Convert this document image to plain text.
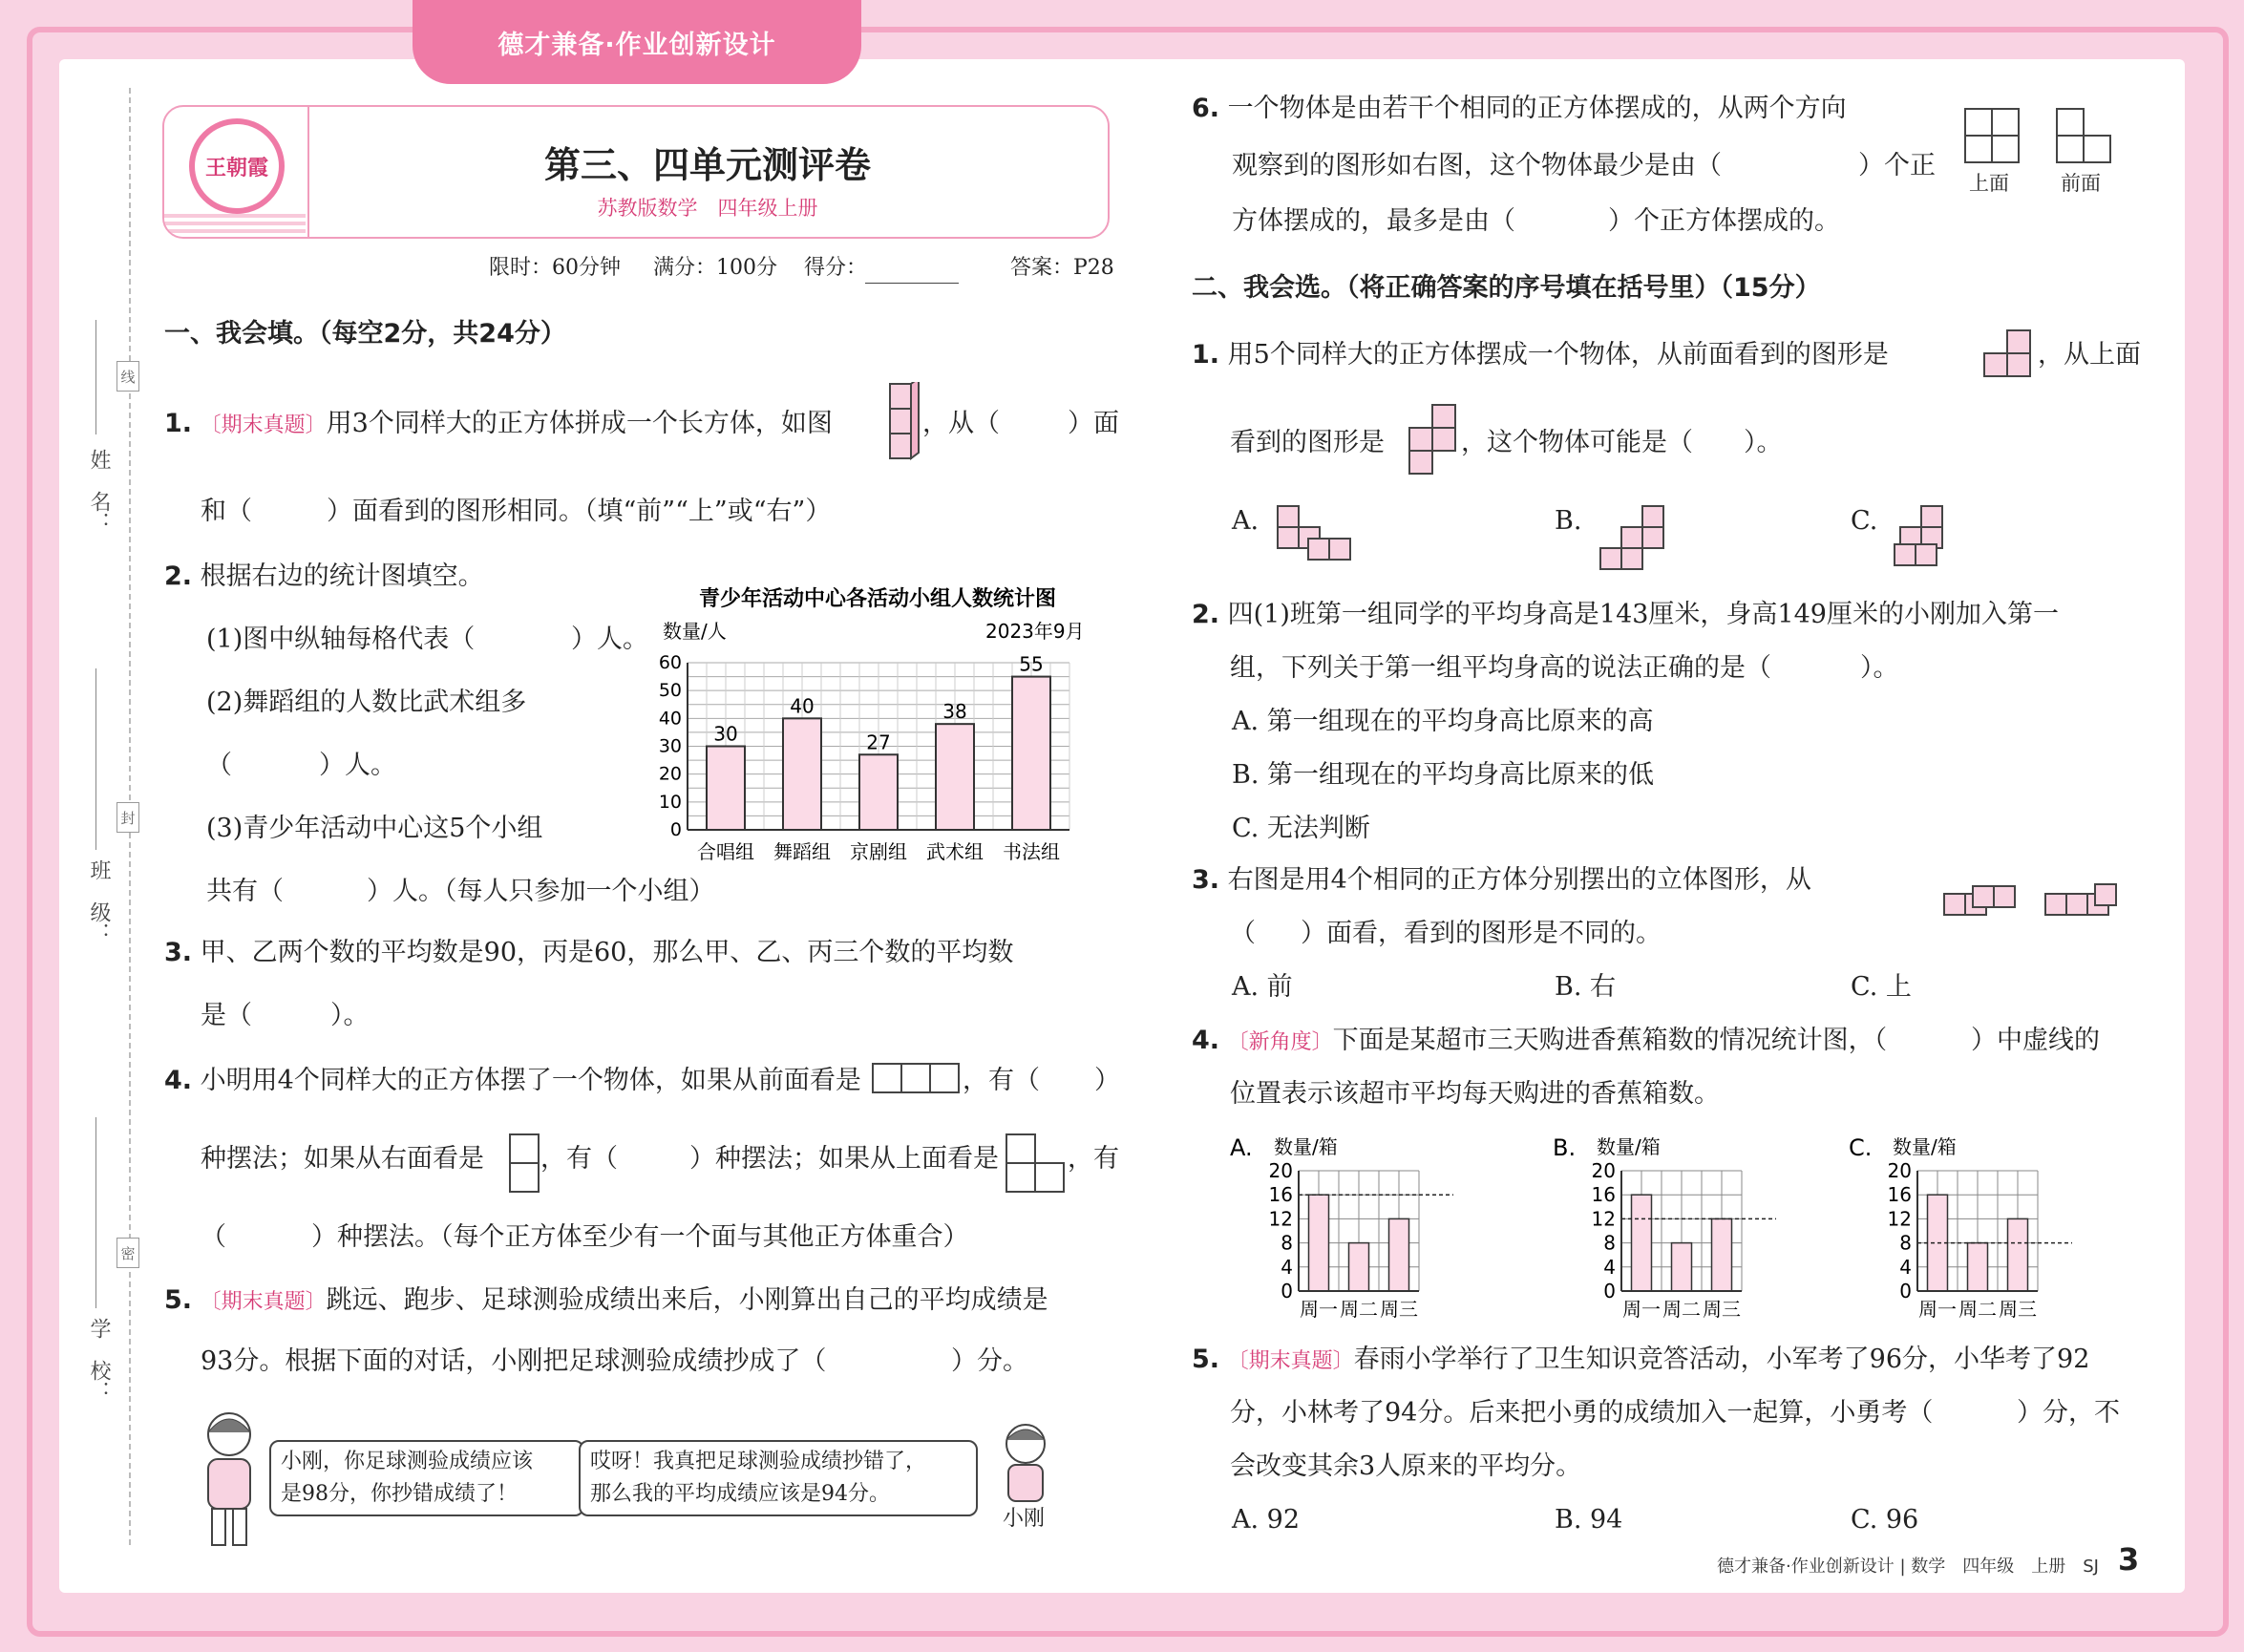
德才兼备·作业创新设计
姓　名：
线
班　级：
封
学　校：
密
王朝霞	第三、四单元测评卷
苏教版数学　四年级上册
限时：60分钟 满分：100分 得分：	答案：P28
一、我会填。（每空2分，共24分）
1. 〔期末真题〕用3个同样大的正方体拼成一个长方体，如图	，从（	）面
和（	）面看到的图形相同。（填“前”“上”或“右”）
2. 根据右边的统计图填空。
(1)图中纵轴每格代表（	）人。
(2)舞蹈组的人数比武术组多
（	）人。
(3)青少年活动中心这5个小组
共有（	）人。（每人只参加一个小组）
青少年活动中心各活动小组人数统计图
数量/人	2023年9月
0
10
20
30
40
50
60
30
合唱组
40
舞蹈组
27
京剧组
38
武术组
55
书法组
3. 甲、乙两个数的平均数是90，丙是60，那么甲、乙、丙三个数的平均数
是（	）。
4. 小明用4个同样大的正方体摆了一个物体，如果从前面看是	，有（ ）
种摆法；如果从右面看是 ，有（	）种摆法；如果从上面看是	，有
（	）种摆法。（每个正方体至少有一个面与其他正方体重合）
5. 〔期末真题〕跳远、跑步、足球测验成绩出来后，小刚算出自己的平均成绩是
93分。根据下面的对话，小刚把足球测验成绩抄成了（	）分。
小刚，你足球测验成绩应该
是98分，你抄错成绩了！
哎呀！我真把足球测验成绩抄错了，
那么我的平均成绩应该是94分。
小刚
6. 一个物体是由若干个相同的正方体摆成的，从两个方向
观察到的图形如右图，这个物体最少是由（	）个正
方体摆成的，最多是由（	）个正方体摆成的。
上面	前面
二、我会选。（将正确答案的序号填在括号里）（15分）
1. 用5个同样大的正方体摆成一个物体，从前面看到的图形是	，从上面
看到的图形是	，这个物体可能是（ ）。
A.	B.	C.
2. 四(1)班第一组同学的平均身高是143厘米，身高149厘米的小刚加入第一
组，下列关于第一组平均身高的说法正确的是（	）。
A. 第一组现在的平均身高比原来的高
B. 第一组现在的平均身高比原来的低
C. 无法判断
3. 右图是用4个相同的正方体分别摆出的立体图形，从
（ ）面看，看到的图形是不同的。
A. 前	B. 右	C. 上
4. 〔新角度〕下面是某超市三天购进香蕉箱数的情况统计图，（	）中虚线的
位置表示该超市平均每天购进的香蕉箱数。
A. 数量/箱
0
4
8
12
16
20
周一 周二 周三
B. 数量/箱
0
4
8
12
16
20
周一 周二 周三
C. 数量/箱
0
4
8
12
16
20
周一 周二 周三
5. 〔期末真题〕春雨小学举行了卫生知识竞答活动，小军考了96分，小华考了92
分，小林考了94分。后来把小勇的成绩加入一起算，小勇考（	）分，不
会改变其余3人原来的平均分。
A. 92	B. 94	C. 96
德才兼备·作业创新设计 | 数学　四年级　上册　SJ 3
